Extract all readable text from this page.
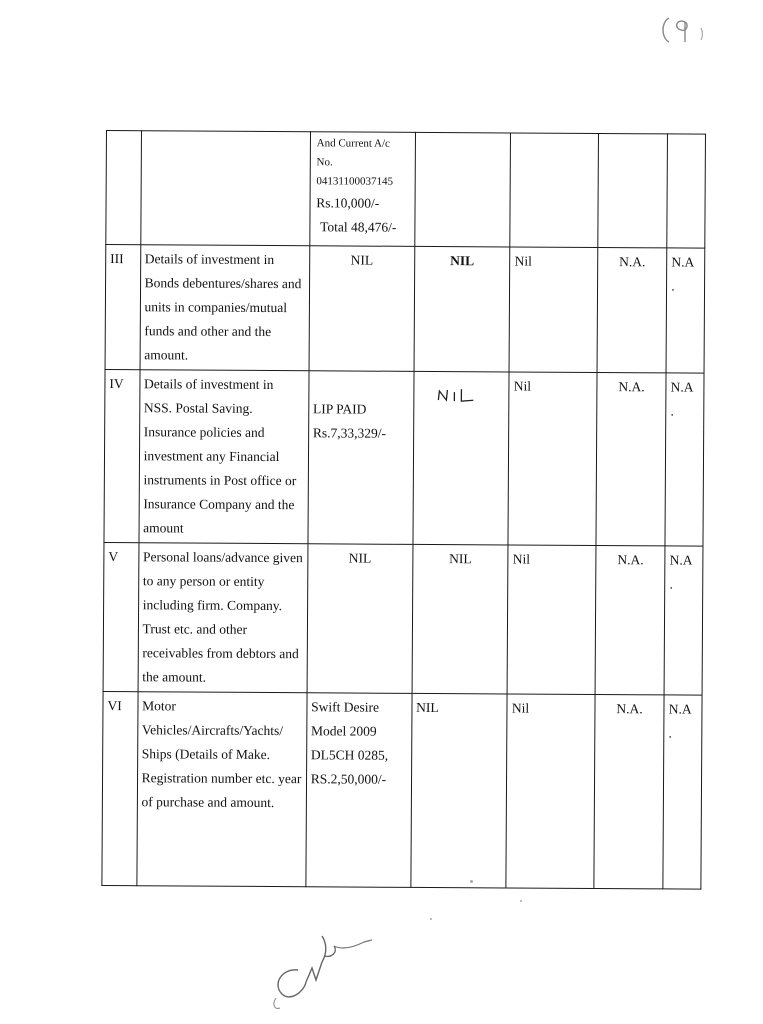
		And Current A/c
No.
04131100037145
Rs.10,000/-
Total 48,476/-				

III	Details of investment in Bonds debentures/shares and units in companies/mutual funds and other and the amount.	NIL	NIL	Nil	N.A.	N.A
.
IV	Details of investment in NSS. Postal Saving. Insurance policies and investment any Financial instruments in Post office or Insurance Company and the amount	LIP PAID
Rs.7,33,329/-		Nil	N.A.	N.A
.
V	Personal loans/advance given to any person or entity including firm. Company. Trust etc. and other receivables from debtors and the amount.	NIL	NIL	Nil	N.A.	N.A
.
VI	Motor Vehicles/Aircrafts/Yachts/ Ships (Details of Make. Registration number etc. year of purchase and amount.	Swift Desire
Model 2009
DL5CH 0285,
RS.2,50,000/-	NIL	Nil	N.A.	N.A
.
